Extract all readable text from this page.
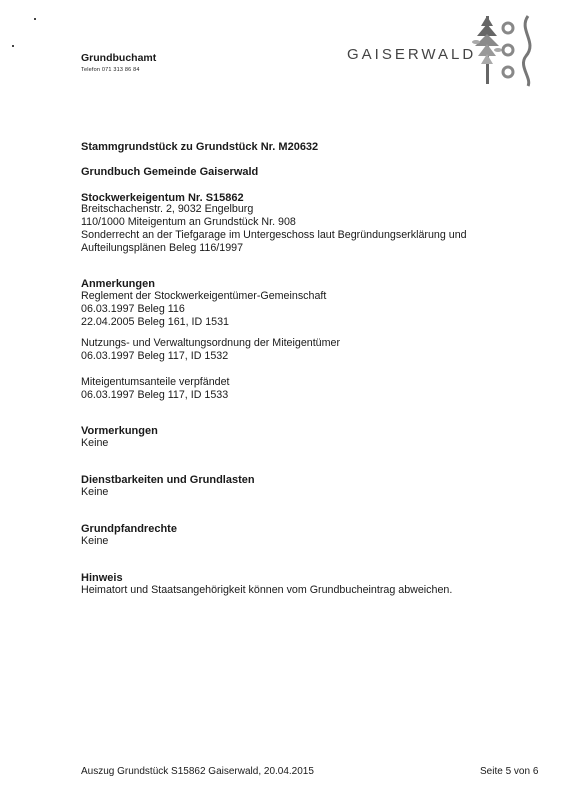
Grundbuchamt
Telefon 071 313 86 84
GAISERWALD
Stammgrundstück zu Grundstück Nr. M20632
Grundbuch Gemeinde Gaiserwald
Stockwerkeigentum Nr. S15862
Breitschachenstr. 2, 9032 Engelburg
110/1000 Miteigentum an Grundstück Nr. 908
Sonderrecht an der Tiefgarage im Untergeschoss laut Begründungserklärung und
Aufteilungsplänen Beleg 116/1997
Anmerkungen
Reglement der Stockwerkeigentümer-Gemeinschaft
06.03.1997 Beleg 116
22.04.2005 Beleg 161, ID 1531
Nutzungs- und Verwaltungsordnung der Miteigentümer
06.03.1997 Beleg 117, ID 1532
Miteigentumsanteile verpfändet
06.03.1997 Beleg 117, ID 1533
Vormerkungen
Keine
Dienstbarkeiten und Grundlasten
Keine
Grundpfandrechte
Keine
Hinweis
Heimatort und Staatsangehörigkeit können vom Grundbucheintrag abweichen.
Auszug Grundstück S15862 Gaiserwald, 20.04.2015	Seite 5 von 6
